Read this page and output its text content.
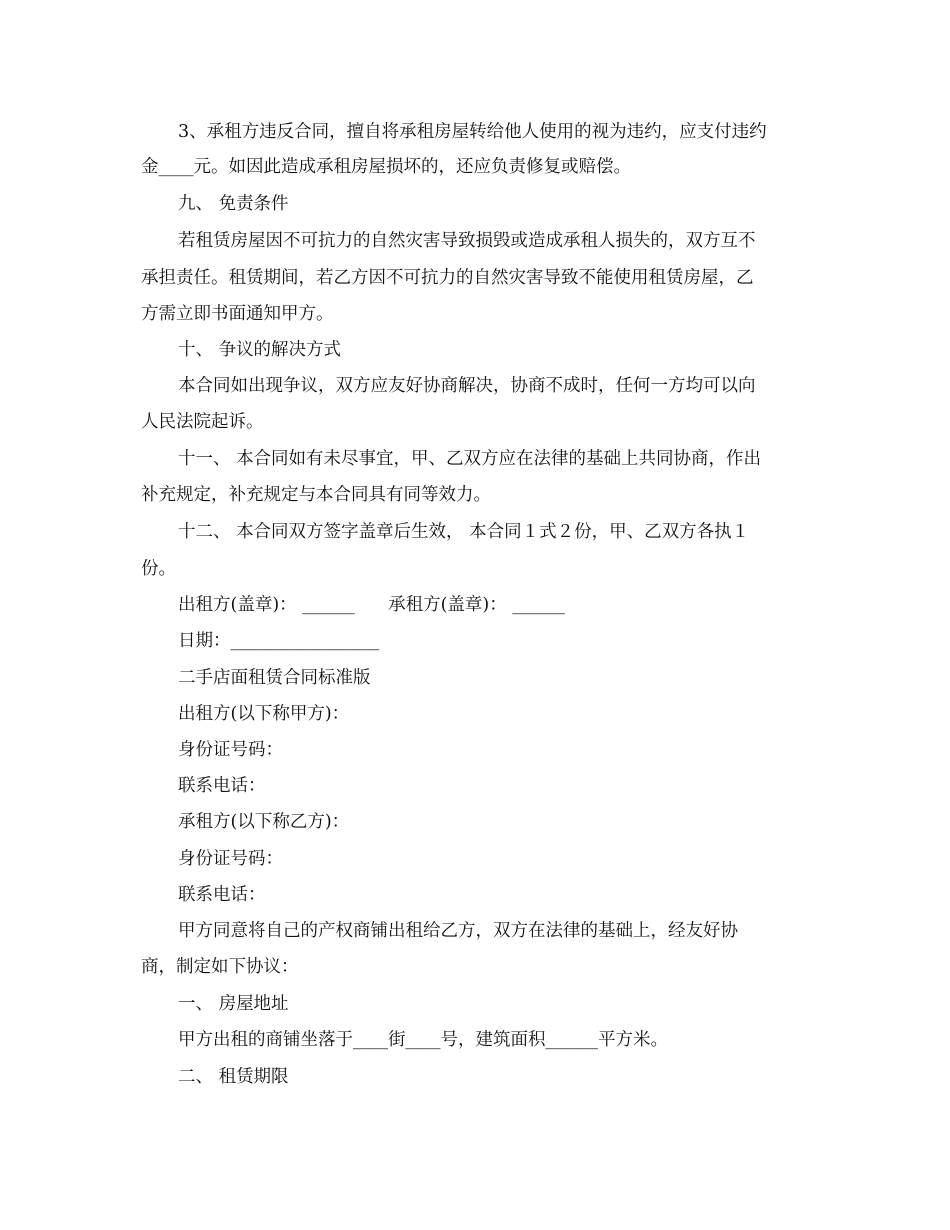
3、承租方违反合同，擅自将承租房屋转给他人使用的视为违约，应支付违约
金____元。如因此造成承租房屋损坏的，还应负责修复或赔偿。
九、 免责条件
若租赁房屋因不可抗力的自然灾害导致损毁或造成承租人损失的，双方互不
承担责任。租赁期间，若乙方因不可抗力的自然灾害导致不能使用租赁房屋，乙
方需立即书面通知甲方。
十、 争议的解决方式
本合同如出现争议，双方应友好协商解决，协商不成时，任何一方均可以向
人民法院起诉。
十一、 本合同如有未尽事宜，甲、乙双方应在法律的基础上共同协商，作出
补充规定，补充规定与本合同具有同等效力。
十二、 本合同双方签字盖章后生效， 本合同１式２份，甲、乙双方各执１
份。
出租方(盖章)： ______      承租方(盖章)： ______
日期：_________________
二手店面租赁合同标准版
出租方(以下称甲方)：
身份证号码：
联系电话：
承租方(以下称乙方)：
身份证号码：
联系电话：
甲方同意将自己的产权商铺出租给乙方，双方在法律的基础上，经友好协
商，制定如下协议：
一、 房屋地址
甲方出租的商铺坐落于____街____号，建筑面积______平方米。
二、 租赁期限
